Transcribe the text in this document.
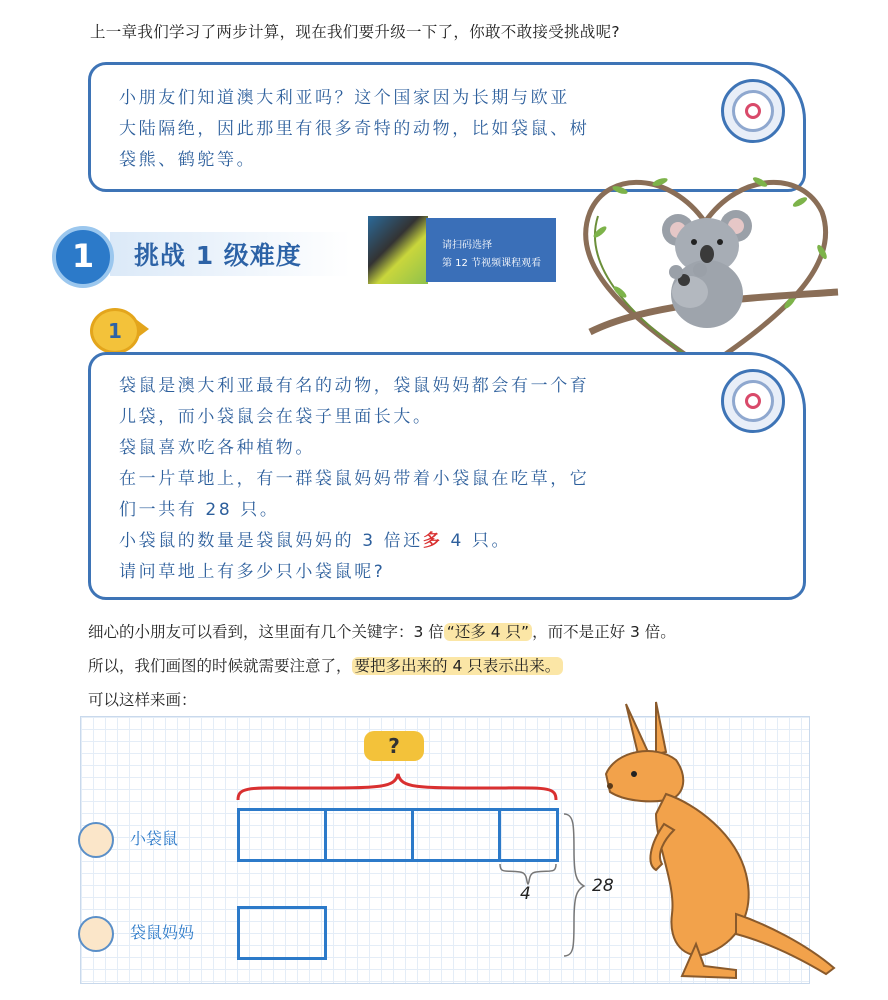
上一章我们学习了两步计算，现在我们要升级一下了，你敢不敢接受挑战呢?
小朋友们知道澳大利亚吗？这个国家因为长期与欧亚
大陆隔绝，因此那里有很多奇特的动物，比如袋鼠、树
袋熊、鹤鸵等。
1	挑战 1 级难度	请扫码选择
第 12 节视频课程观看
1
袋鼠是澳大利亚最有名的动物，袋鼠妈妈都会有一个育
儿袋，而小袋鼠会在袋子里面长大。
袋鼠喜欢吃各种植物。
在一片草地上，有一群袋鼠妈妈带着小袋鼠在吃草，它
们一共有 28 只。
小袋鼠的数量是袋鼠妈妈的 3 倍还多 4 只。
请问草地上有多少只小袋鼠呢?
细心的小朋友可以看到，这里面有几个关键字：3 倍 “还多 4 只” ，而不是正好 3 倍。
所以，我们画图的时候就需要注意了， 要把多出来的 4 只表示出来。
可以这样来画：
?
小袋鼠
袋鼠妈妈
4	28
